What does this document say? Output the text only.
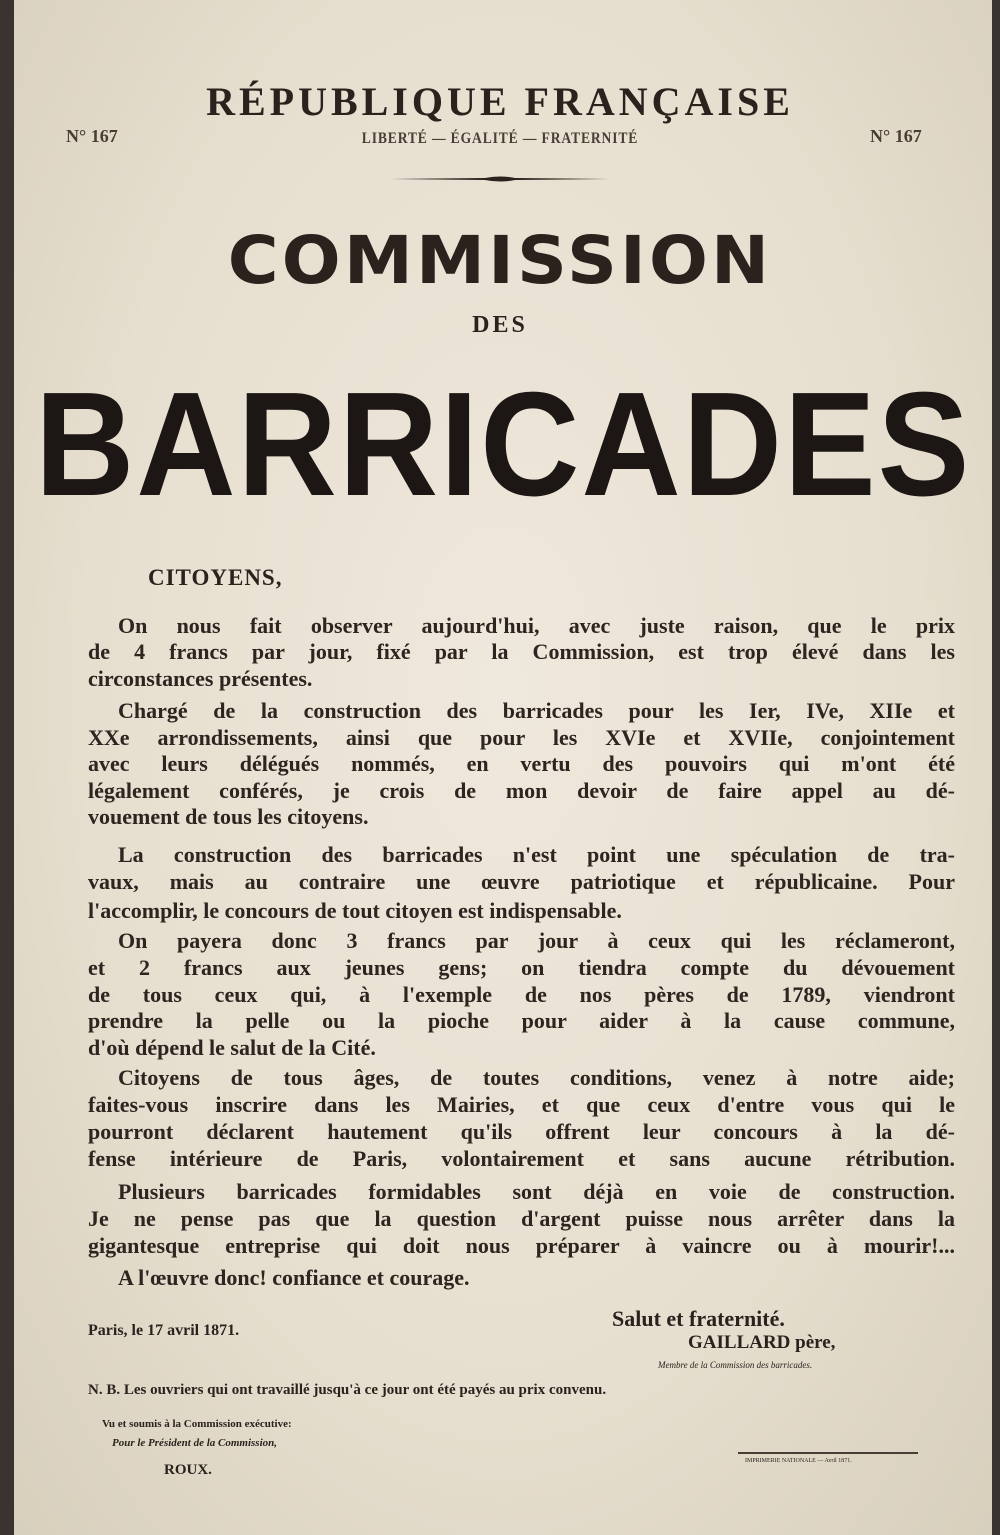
RÉPUBLIQUE FRANÇAISE
N° 167	N° 167
LIBERTÉ — ÉGALITÉ — FRATERNITÉ
COMMISSION
DES
BARRICADES
CITOYENS,
On nous fait observer aujourd'hui, avec juste raison, que le prix
de 4 francs par jour, fixé par la Commission, est trop élevé dans les
circonstances présentes.
Chargé de la construction des barricades pour les Ier, IVe, XIIe et
XXe arrondissements, ainsi que pour les XVIe et XVIIe, conjointement
avec leurs délégués nommés, en vertu des pouvoirs qui m'ont été
légalement conférés, je crois de mon devoir de faire appel au dé-
vouement de tous les citoyens.
La construction des barricades n'est point une spéculation de tra-
vaux, mais au contraire une œuvre patriotique et républicaine. Pour
l'accomplir, le concours de tout citoyen est indispensable.
On payera donc 3 francs par jour à ceux qui les réclameront,
et 2 francs aux jeunes gens; on tiendra compte du dévouement
de tous ceux qui, à l'exemple de nos pères de 1789, viendront
prendre la pelle ou la pioche pour aider à la cause commune,
d'où dépend le salut de la Cité.
Citoyens de tous âges, de toutes conditions, venez à notre aide;
faites-vous inscrire dans les Mairies, et que ceux d'entre vous qui le
pourront déclarent hautement qu'ils offrent leur concours à la dé-
fense intérieure de Paris, volontairement et sans aucune rétribution.
Plusieurs barricades formidables sont déjà en voie de construction.
Je ne pense pas que la question d'argent puisse nous arrêter dans la
gigantesque entreprise qui doit nous préparer à vaincre ou à mourir!...
A l'œuvre donc! confiance et courage.
Paris, le 17 avril 1871.	Salut et fraternité.
GAILLARD père,
Membre de la Commission des barricades.
N. B. Les ouvriers qui ont travaillé jusqu'à ce jour ont été payés au prix convenu.
Vu et soumis à la Commission exécutive:
Pour le Président de la Commission,
ROUX.
IMPRIMERIE NATIONALE — Avril 1871.
